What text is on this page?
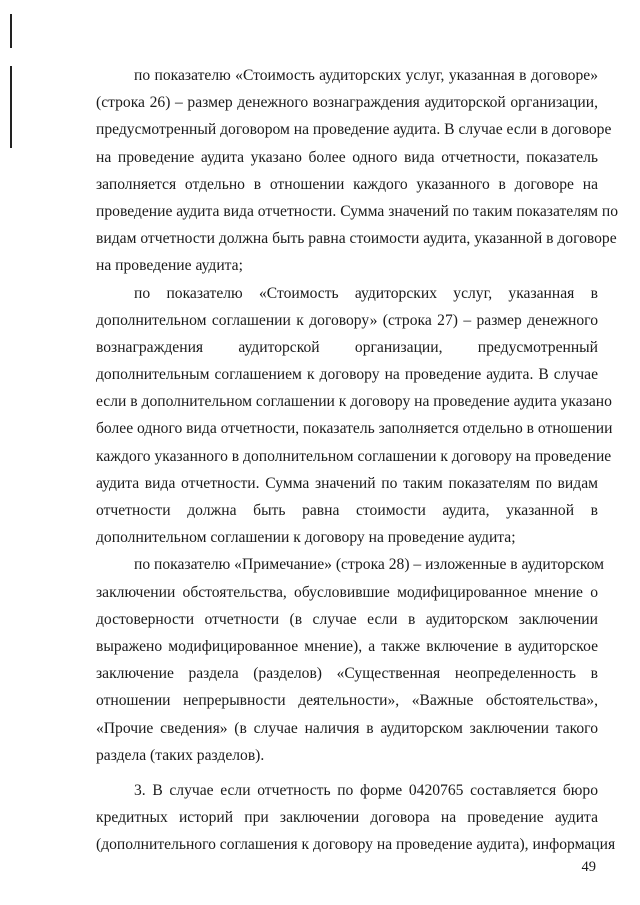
по показателю «Стоимость аудиторских услуг, указанная в договоре»
(строка 26) – размер денежного вознаграждения аудиторской организации,
предусмотренный договором на проведение аудита. В случае если в договоре
на проведение аудита указано более одного вида отчетности, показатель
заполняется отдельно в отношении каждого указанного в договоре на
проведение аудита вида отчетности. Сумма значений по таким показателям по
видам отчетности должна быть равна стоимости аудита, указанной в договоре
на проведение аудита;
по показателю «Стоимость аудиторских услуг, указанная в
дополнительном соглашении к договору» (строка 27) – размер денежного
вознаграждения аудиторской организации, предусмотренный
дополнительным соглашением к договору на проведение аудита. В случае
если в дополнительном соглашении к договору на проведение аудита указано
более одного вида отчетности, показатель заполняется отдельно в отношении
каждого указанного в дополнительном соглашении к договору на проведение
аудита вида отчетности. Сумма значений по таким показателям по видам
отчетности должна быть равна стоимости аудита, указанной в
дополнительном соглашении к договору на проведение аудита;
по показателю «Примечание» (строка 28) – изложенные в аудиторском
заключении обстоятельства, обусловившие модифицированное мнение о
достоверности отчетности (в случае если в аудиторском заключении
выражено модифицированное мнение), а также включение в аудиторское
заключение раздела (разделов) «Существенная неопределенность в
отношении непрерывности деятельности», «Важные обстоятельства»,
«Прочие сведения» (в случае наличия в аудиторском заключении такого
раздела (таких разделов).
3. В случае если отчетность по форме 0420765 составляется бюро
кредитных историй при заключении договора на проведение аудита
(дополнительного соглашения к договору на проведение аудита), информация
49
